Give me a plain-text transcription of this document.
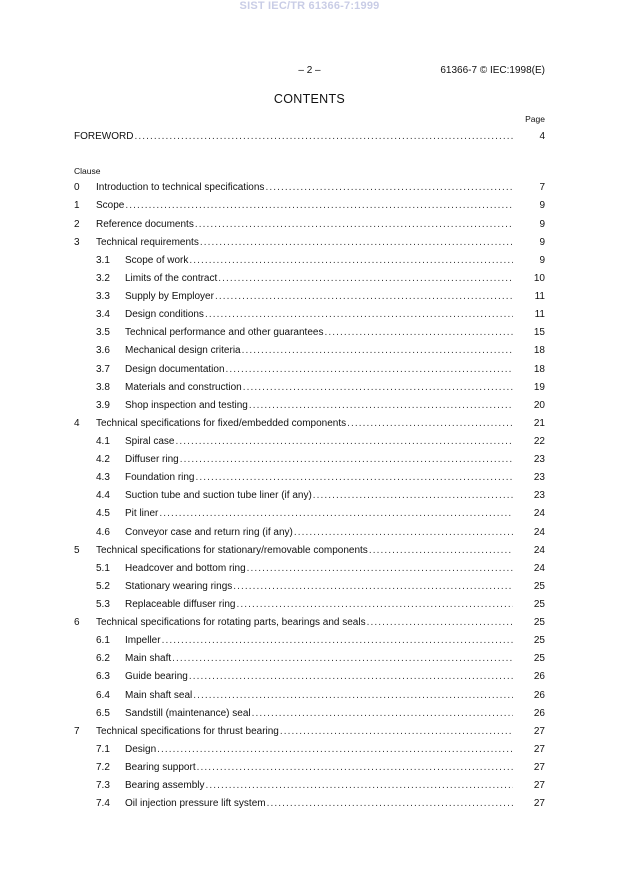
SIST IEC/TR 61366-7:1999
– 2 –	61366-7 © IEC:1998(E)
CONTENTS
Page
Clause
FOREWORD .....	4
0 Introduction to technical specifications .....	7
1 Scope .....	9
2 Reference documents .....	9
3 Technical requirements .....	9
3.1 Scope of work .....	9
3.2 Limits of the contract .....	10
3.3 Supply by Employer .....	11
3.4 Design conditions .....	11
3.5 Technical performance and other guarantees .....	15
3.6 Mechanical design criteria .....	18
3.7 Design documentation .....	18
3.8 Materials and construction .....	19
3.9 Shop inspection and testing .....	20
4 Technical specifications for fixed/embedded components .....	21
4.1 Spiral case .....	22
4.2 Diffuser ring .....	23
4.3 Foundation ring .....	23
4.4 Suction tube and suction tube liner (if any) .....	23
4.5 Pit liner .....	24
4.6 Conveyor case and return ring (if any) .....	24
5 Technical specifications for stationary/removable components .....	24
5.1 Headcover and bottom ring .....	24
5.2 Stationary wearing rings .....	25
5.3 Replaceable diffuser ring .....	25
6 Technical specifications for rotating parts, bearings and seals .....	25
6.1 Impeller .....	25
6.2 Main shaft .....	25
6.3 Guide bearing .....	26
6.4 Main shaft seal .....	26
6.5 Sandstill (maintenance) seal .....	26
7 Technical specifications for thrust bearing .....	27
7.1 Design .....	27
7.2 Bearing support .....	27
7.3 Bearing assembly .....	27
7.4 Oil injection pressure lift system .....	27
